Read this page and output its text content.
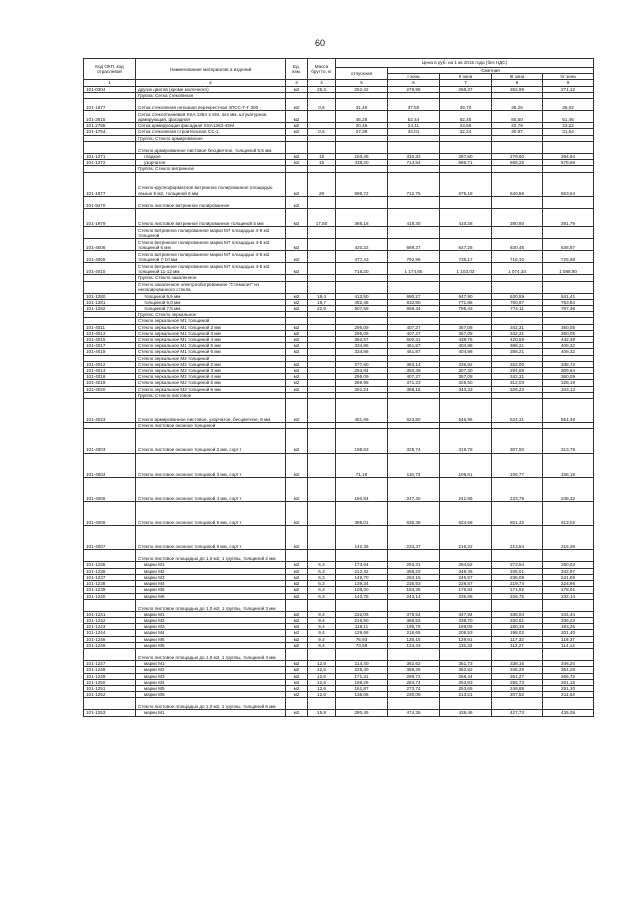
60
Код ОКП, код отраслевой	Наименование материалов и изделий	Ед. изм.	Масса брутто, кг	Цена в руб. на 1 кв 2015 года (без НДС)				
				отпускная	Сметная			
					I зона	II зона	III зона	IV зона
1	2	3	4	5	6	7	8	9
101-0304	других цветов (кроме молочного)	м2	25,3	252,42	276,95	268,37	262,99	271,12
	Группа: Сетка стеклянная							
101-1677	Сетка стеклянная нетканая перекрестная 4ПСС-Т-Г 300	м2	0,5	31,46	37,50	36,70	35,26	36,02
101-2815	Сетка стеклотканевая SSA 1364 4 SM, 4х4 мм, штукатурная, армирующая, фасадная	м2		45,28	52,44	52,45	50,50	51,46
101-2795	Сетка армирующая фасадная SSA1363-4SM	м2		20,45	24,11	23,56	22,79	23,22
101-1754	Сетка стеклянная строительная СС-1	м2	0,5	27,38	33,01	32,24	30,97	31,64
	Группа: Стекло армированное							
	Стекло армированное листовое бесцветное, толщиной 5,5 мм							
101-1271	гладкое	м2	19	183,45	310,32	287,50	279,60	284,64
101-1272	узорчатое	м2	19	438,20	714,54	686,71	668,25	678,68
	Группа: Стекло витринное							
101-1877	Стекло крупноформатное витринное полированное площадью свыше 6 м2, толщиной 6 мм	м2	28	596,72	712,75	675,18	640,58	653,64
101-9470	Стекло листовое витринное полированное	м2						
101-1979	Стекло листовое витринное полированное толщиной 5 мм	м2	17,50	385,18	418,30	410,28	380,50	391,79
	Стекло витринное полированное марки М7 площадью 4-8 м2 толщиной							
101-4006	Стекло витринное полированное марки М7 площадью 4-8 м2 толщиной 6 мм	м2		420,22	689,27	647,25	630,48	636,87
101-4009	Стекло витринное полированное марки М7 площадью 4-8 м2 толщиной 7-10 мм	м2		477,43	792,96	735,17	716,10	725,68
101-4010	Стекло витринное полированное марки М7 площадью 4-8 м2 толщиной 11-12 мм	м2		716,20	1 174,65	1 103,03	1 074,34	1 088,80
	Группа: Стекло закаленное							
	Стекло закаленное электрообогреваемое "Стемалит" из неполированного стекла							
101-1280	толщиной 5,5 мм	м2	18,4	413,50	690,27	647,90	630,59	641,41
101-1281	толщиной 6,0 мм	м2	19,7	462,46	832,80	771,86	750,97	763,84
101-1282	толщиной 7,5 мм	м2	22,9	507,59	858,44	795,43	774,11	787,36
	Группа: Стекло зеркальное							
	Стекло зеркальное М1 толщиной							
101-4011	Стекло зеркальное М1 толщиной 2 мм	м2		295,09	407,27	357,08	342,31	350,05
101-4013	Стекло зеркальное М1 толщиной 3 мм	м2		295,09	407,27	357,08	342,31	350,05
101-4015	Стекло зеркальное М1 толщиной 4 мм	м2		362,57	500,41	438,75	420,59	442,39
101-4017	Стекло зеркальное М1 толщиной 5 мм	м2		334,86	461,87	404,98	388,21	408,32
101-4019	Стекло зеркальное М1 толщиной 6 мм	м2		334,86	461,87	404,98	388,21	408,32
	Стекло зеркальное М2 толщиной							
101-4012	Стекло зеркальное М2 толщиной 2 мм	м2		277,60	383,14	335,92	322,00	338,72
101-4014	Стекло зеркальное М2 толщиной 3 мм	м2		253,84	350,49	307,30	294,58	309,84
101-4016	Стекло зеркальное М2 толщиной 4 мм	м2		295,09	407,27	357,08	342,31	360,05
101-4018	Стекло зеркальное М2 толщиной 5 мм	м2		269,98	371,23	325,50	312,03	328,19
101-4020	Стекло зеркальное М2 толщиной 6 мм	м2		281,24	388,15	340,33	326,23	343,13
	Группа: Стекло листовое							
101-4023	Стекло армированное листовое, узорчатое, бесцветное, 9 мм	м2		451,99	623,80	546,96	524,31	551,48
	Стекло листовое оконное толщиной							
101-4003	Стекло листовое оконное толщиной 2 мм, сорт I	м2		198,63	325,74	319,78	307,60	313,79
101-4004	Стекло листовое оконное толщиной 3 мм, сорт I	м2		71,18	116,73	109,61	106,77	108,18
101-4005	Стекло листовое оконное толщиной 4 мм, сорт I	м2		150,84	247,40	242,86	233,78	238,32
101-4006	Стекло листовое оконное толщиной 5 мм, сорт I	м2		388,01	636,38	624,68	601,32	613,02
101-4007	Стекло листовое оконное толщиной 6 мм, сорт I	м2		142,36	233,47	219,22	213,54	216,38
	Стекло листовое площадью до 1,0 м2, 1 группы, толщиной 2 мм							
101-1235	марки М1	м2	5,3	173,64	293,31	284,52	273,54	280,03
101-1236	марки М2	м2	6,3	212,42	359,23	348,46	335,01	342,97
101-1237	марки М3	м2	6,3	149,70	253,15	245,57	236,09	241,69
101-1238	марки М4	м2	6,3	139,34	235,53	228,57	219,74	224,96
101-1239	марки М5	м2	6,3	108,00	184,35	176,84	171,92	178,01
101-1240	марки М6	м2	6,3	143,75	243,14	235,86	226,75	232,14
	Стекло листовое площадью до 1,0 м2, 1 группы, толщиной 3 мм							
101-1241	марки М1	м2	9,4	222,06	375,54	347,94	336,04	344,44
101-1242	марки М2	м2	9,4	216,50	366,53	338,70	330,51	336,23
101-1243	марки М3	м2	9,4	118,11	196,76	189,06	180,15	183,26
101-1244	марки М4	м2	9,4	129,68	219,65	208,53	198,02	201,40
101-1245	марки М5	м2	9,4	76,93	130,15	129,61	117,32	119,37
101-1246	марки М6	м2	9,4	73,59	124,43	115,33	112,27	114,14
	Стекло листовое площадью до 1,0 м2, 1 группы, толщиной 4 мм							
101-1247	марки М1	м2	12,6	214,40	362,62	351,73	338,16	346,20
101-1248	марки М2	м2	12,6	228,40	386,25	362,92	346,29	354,28
101-1249	марки М3	м2	12,6	171,31	289,72	268,44	261,27	265,72
101-1250	марки М4	м2	12,6	168,26	284,74	263,83	256,73	261,15
101-1251	марки М5	м2	12,6	161,87	273,74	253,65	246,88	251,10
101-1252	марки М6	м2	12,6	136,06	230,09	213,21	207,52	211,04
	Стекло листовое площадью до 1,0 м2, 1 группы, толщиной 5 мм							
101-1253	марки М1	м2	15,8	280,45	474,35	439,46	427,73	435,05
